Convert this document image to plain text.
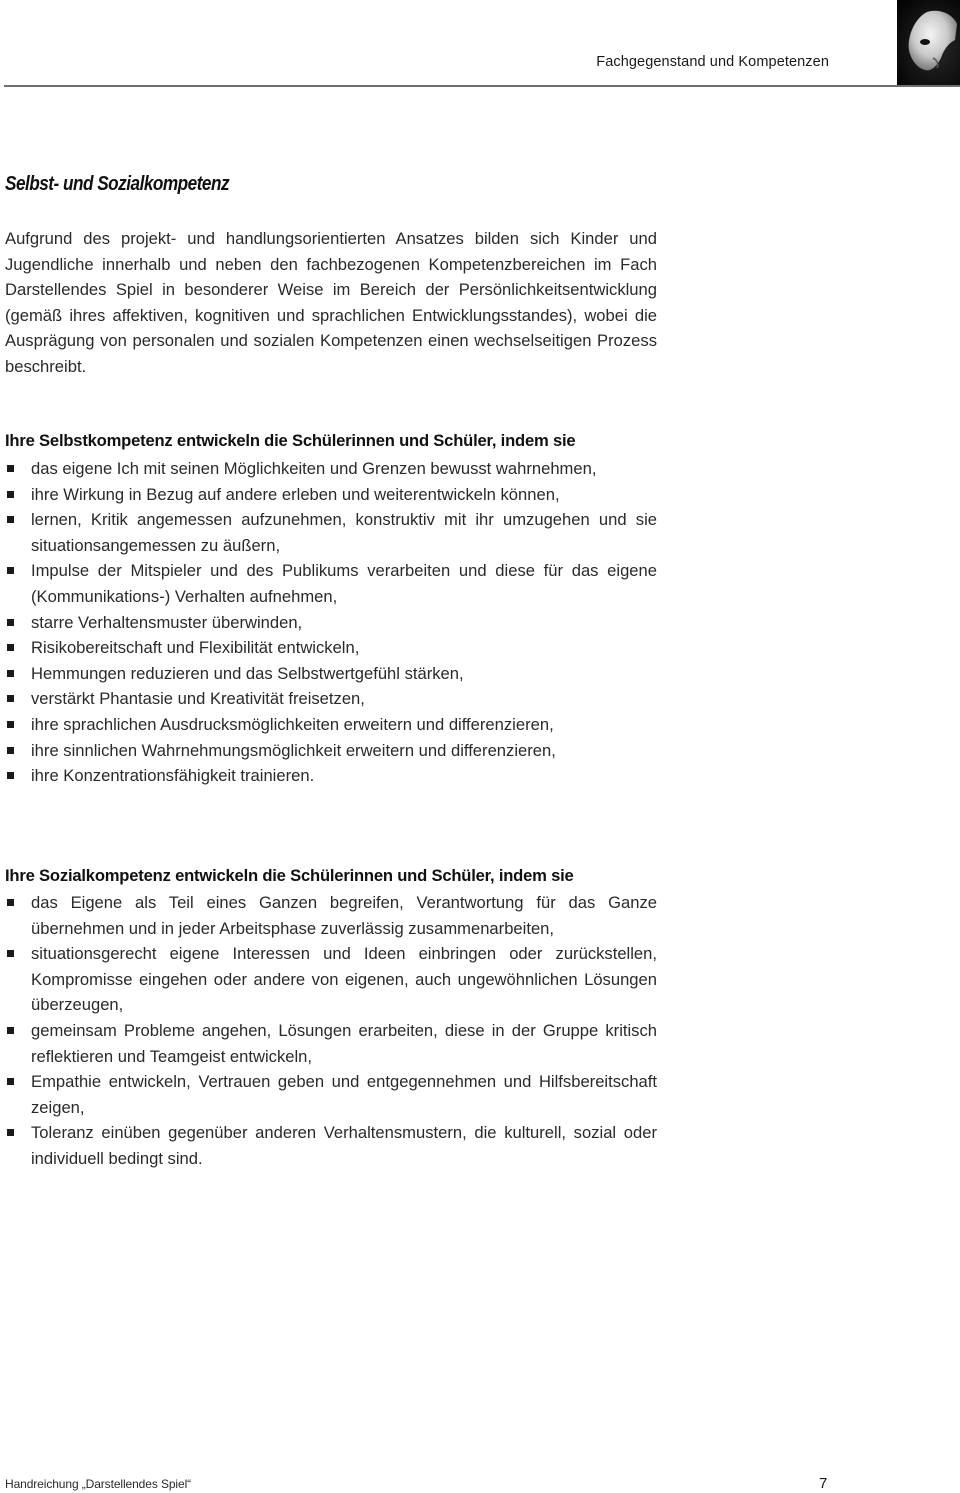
Fachgegenstand und Kompetenzen
Selbst- und Sozialkompetenz

Aufgrund des projekt- und handlungsorientierten Ansatzes bilden sich Kinder und Jugendliche innerhalb und neben den fachbezogenen Kompetenzbereichen im Fach Darstellendes Spiel in besonderer Weise im Bereich der Persönlichkeitsentwicklung (gemäß ihres affektiven, kognitiven und sprachlichen Entwicklungsstandes), wobei die Ausprägung von personalen und sozialen Kompetenzen einen wechselseitigen Prozess beschreibt.

Ihre Selbstkompetenz entwickeln die Schülerinnen und Schüler, indem sie

das eigene Ich mit seinen Möglichkeiten und Grenzen bewusst wahrnehmen,
ihre Wirkung in Bezug auf andere erleben und weiterentwickeln können,
lernen, Kritik angemessen aufzunehmen, konstruktiv mit ihr umzugehen und sie situationsangemessen zu äußern,
Impulse der Mitspieler und des Publikums verarbeiten und diese für das eigene (Kommunikations-) Verhalten aufnehmen,
starre Verhaltensmuster überwinden,
Risikobereitschaft und Flexibilität entwickeln,
Hemmungen reduzieren und das Selbstwertgefühl stärken,
verstärkt Phantasie und Kreativität freisetzen,
ihre sprachlichen Ausdrucksmöglichkeiten erweitern und differenzieren,
ihre sinnlichen Wahrnehmungsmöglichkeit erweitern und differenzieren,
ihre Konzentrationsfähigkeit trainieren.

Ihre Sozialkompetenz entwickeln die Schülerinnen und Schüler, indem sie

das Eigene als Teil eines Ganzen begreifen, Verantwortung für das Ganze übernehmen und in jeder Arbeitsphase zuverlässig zusammenarbeiten,
situationsgerecht eigene Interessen und Ideen einbringen oder zurückstellen, Kompromisse eingehen oder andere von eigenen, auch ungewöhnlichen Lösungen überzeugen,
gemeinsam Probleme angehen, Lösungen erarbeiten, diese in der Gruppe kritisch reflektieren und Teamgeist entwickeln,
Empathie entwickeln, Vertrauen geben und entgegennehmen und Hilfsbereitschaft zeigen,
Toleranz einüben gegenüber anderen Verhaltensmustern, die kulturell, sozial oder individuell bedingt sind.
Handreichung „Darstellendes Spiel“	7
